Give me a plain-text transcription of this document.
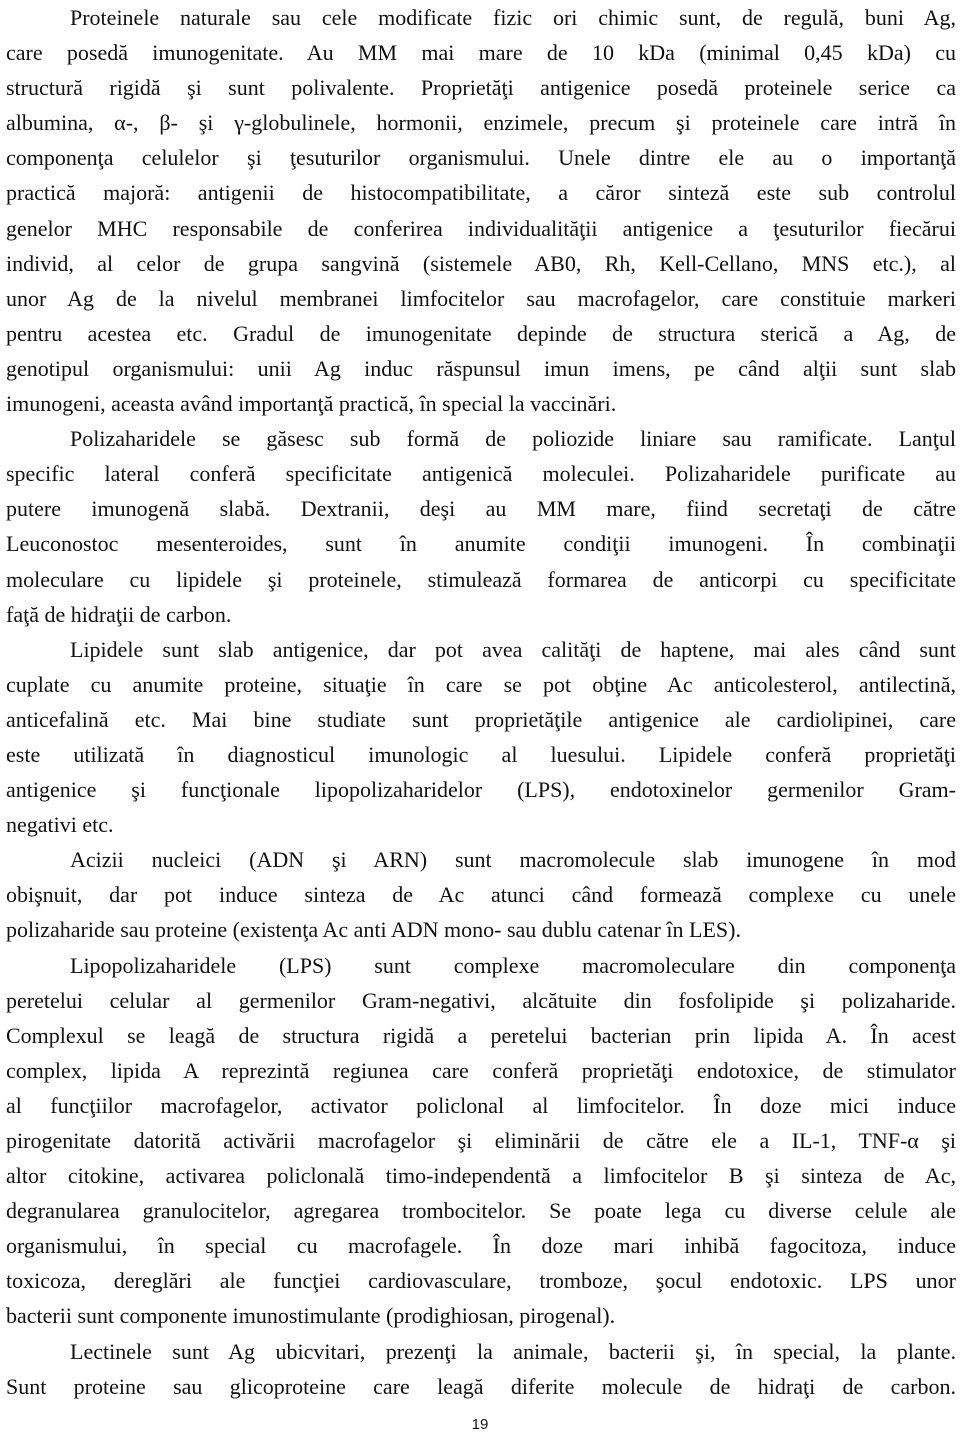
Proteinele naturale sau cele modificate fizic ori chimic sunt, de regulă, buni Ag,
care posedă imunogenitate. Au MM mai mare de 10 kDa (minimal 0,45 kDa) cu
structură rigidă şi sunt polivalente. Proprietăţi antigenice posedă proteinele serice ca
albumina, α-, β- şi γ-globulinele, hormonii, enzimele, precum şi proteinele care intră în
componenţa celulelor şi ţesuturilor organismului. Unele dintre ele au o importanţă
practică majoră: antigenii de histocompatibilitate, a căror sinteză este sub controlul
genelor MHC responsabile de conferirea individualităţii antigenice a ţesuturilor fiecărui
individ, al celor de grupa sangvină (sistemele AB0, Rh, Kell-Cellano, MNS etc.), al
unor Ag de la nivelul membranei limfocitelor sau macrofagelor, care constituie markeri
pentru acestea etc. Gradul de imunogenitate depinde de structura sterică a Ag, de
genotipul organismului: unii Ag induc răspunsul imun imens, pe când alţii sunt slab
imunogeni, aceasta având importanţă practică, în special la vaccinări.
Polizaharidele se găsesc sub formă de poliozide liniare sau ramificate. Lanţul
specific lateral conferă specificitate antigenică moleculei. Polizaharidele purificate au
putere imunogenă slabă. Dextranii, deşi au MM mare, fiind secretaţi de către
Leuconostoc mesenteroides, sunt în anumite condiţii imunogeni. În combinaţii
moleculare cu lipidele şi proteinele, stimulează formarea de anticorpi cu specificitate
faţă de hidraţii de carbon.
Lipidele sunt slab antigenice, dar pot avea calităţi de haptene, mai ales când sunt
cuplate cu anumite proteine, situaţie în care se pot obţine Ac anticolesterol, antilectină,
anticefalină etc. Mai bine studiate sunt proprietăţile antigenice ale cardiolipinei, care
este utilizată în diagnosticul imunologic al luesului. Lipidele conferă proprietăţi
antigenice şi funcţionale lipopolizaharidelor (LPS), endotoxinelor germenilor Gram-
negativi etc.
Acizii nucleici (ADN şi ARN) sunt macromolecule slab imunogene în mod
obişnuit, dar pot induce sinteza de Ac atunci când formează complexe cu unele
polizaharide sau proteine (existenţa Ac anti ADN mono- sau dublu catenar în LES).
Lipopolizaharidele (LPS) sunt complexe macromoleculare din componenţa
peretelui celular al germenilor Gram-negativi, alcătuite din fosfolipide şi polizaharide.
Complexul se leagă de structura rigidă a peretelui bacterian prin lipida A. În acest
complex, lipida A reprezintă regiunea care conferă proprietăţi endotoxice, de stimulator
al funcţiilor macrofagelor, activator policlonal al limfocitelor. În doze mici induce
pirogenitate datorită activării macrofagelor şi eliminării de către ele a IL-1, TNF-α şi
altor citokine, activarea policlonală timo-independentă a limfocitelor B şi sinteza de Ac,
degranularea granulocitelor, agregarea trombocitelor. Se poate lega cu diverse celule ale
organismului, în special cu macrofagele. În doze mari inhibă fagocitoza, induce
toxicoza, dereglări ale funcţiei cardiovasculare, tromboze, şocul endotoxic. LPS unor
bacterii sunt componente imunostimulante (prodighiosan, pirogenal).
Lectinele sunt Ag ubicvitari, prezenţi la animale, bacterii şi, în special, la plante.
Sunt proteine sau glicoproteine care leagă diferite molecule de hidraţi de carbon.
19
